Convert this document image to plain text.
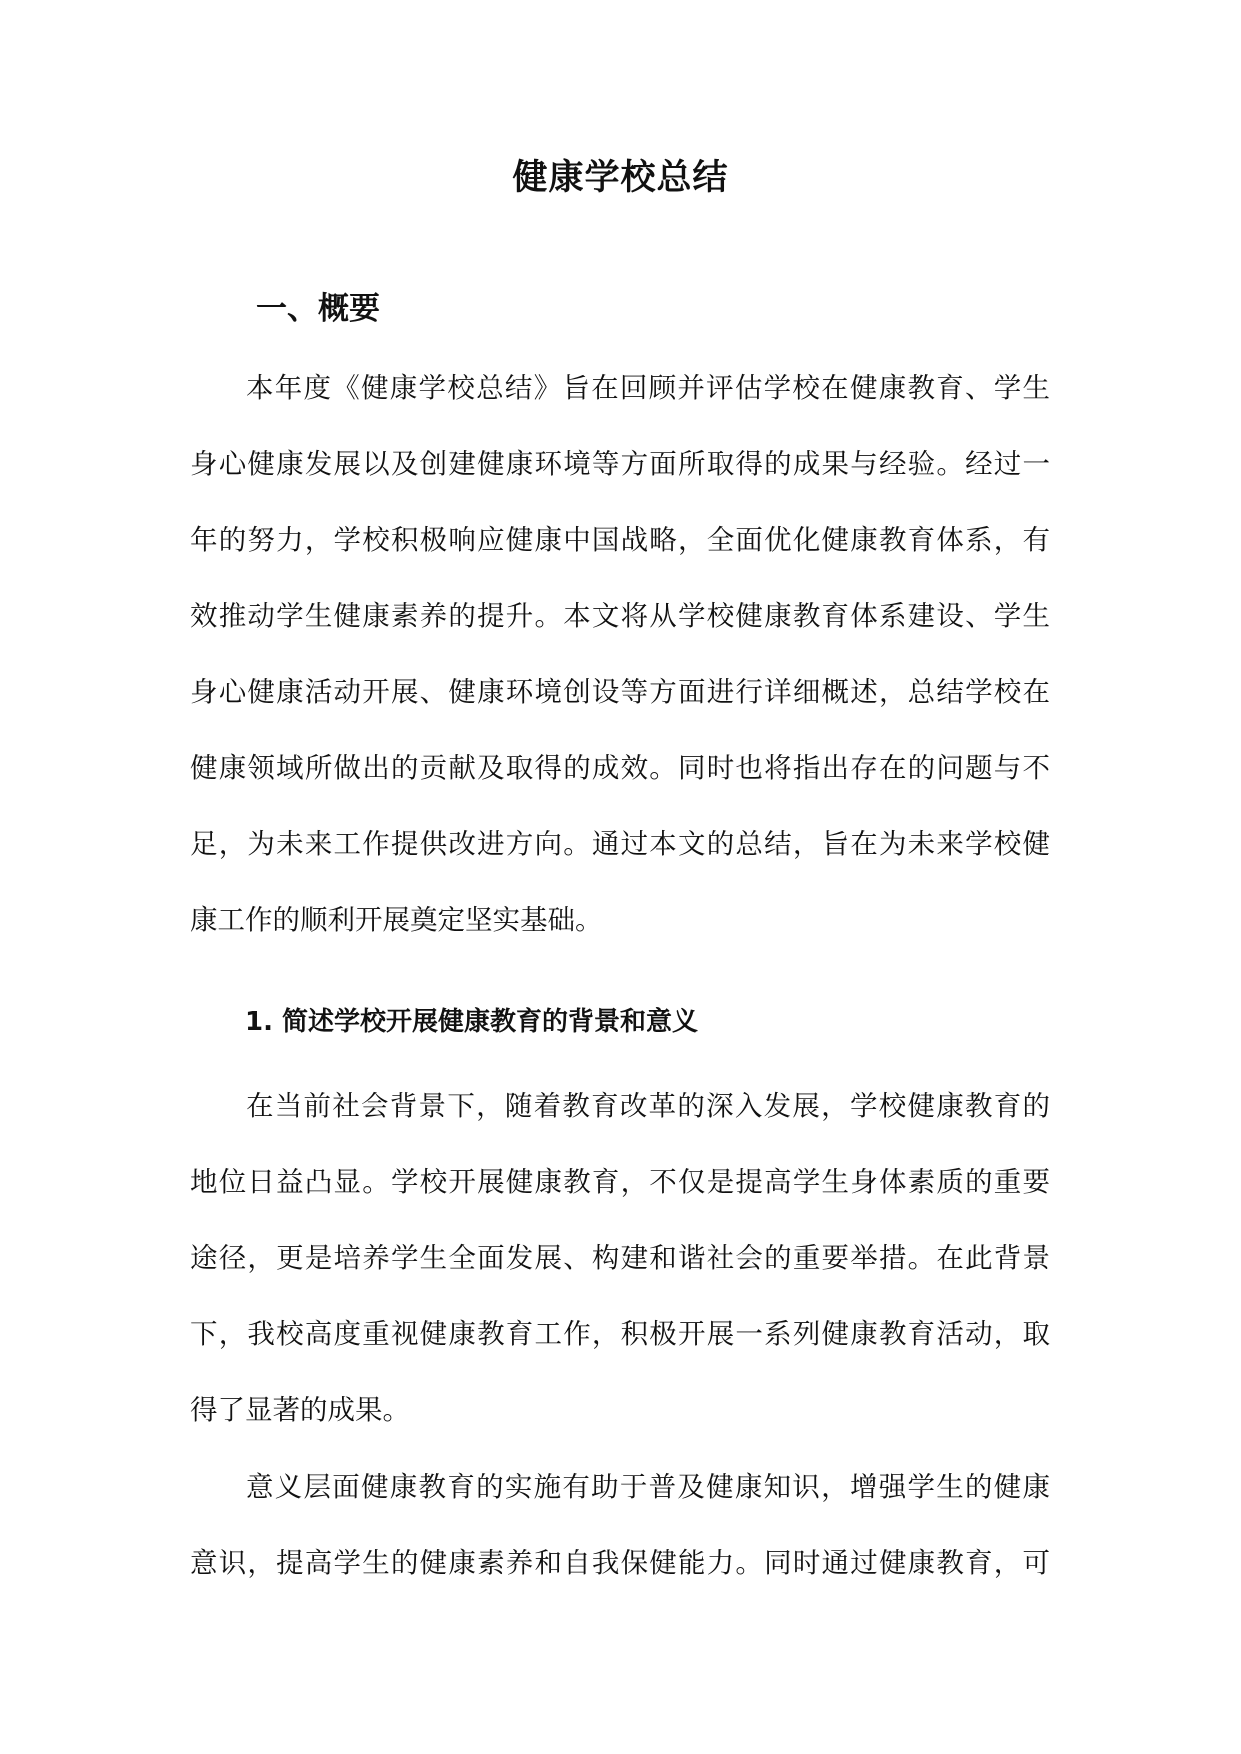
健康学校总结
一、概要

本年度《健康学校总结》旨在回顾并评估学校在健康教育、学生
身心健康发展以及创建健康环境等方面所取得的成果与经验。经过一
年的努力，学校积极响应健康中国战略，全面优化健康教育体系，有
效推动学生健康素养的提升。本文将从学校健康教育体系建设、学生
身心健康活动开展、健康环境创设等方面进行详细概述，总结学校在
健康领域所做出的贡献及取得的成效。同时也将指出存在的问题与不
足，为未来工作提供改进方向。通过本文的总结，旨在为未来学校健
康工作的顺利开展奠定坚实基础。

1. 简述学校开展健康教育的背景和意义

在当前社会背景下，随着教育改革的深入发展，学校健康教育的
地位日益凸显。学校开展健康教育，不仅是提高学生身体素质的重要
途径，更是培养学生全面发展、构建和谐社会的重要举措。在此背景
下，我校高度重视健康教育工作，积极开展一系列健康教育活动，取
得了显著的成果。

意义层面健康教育的实施有助于普及健康知识，增强学生的健康
意识，提高学生的健康素养和自我保健能力。同时通过健康教育，可
